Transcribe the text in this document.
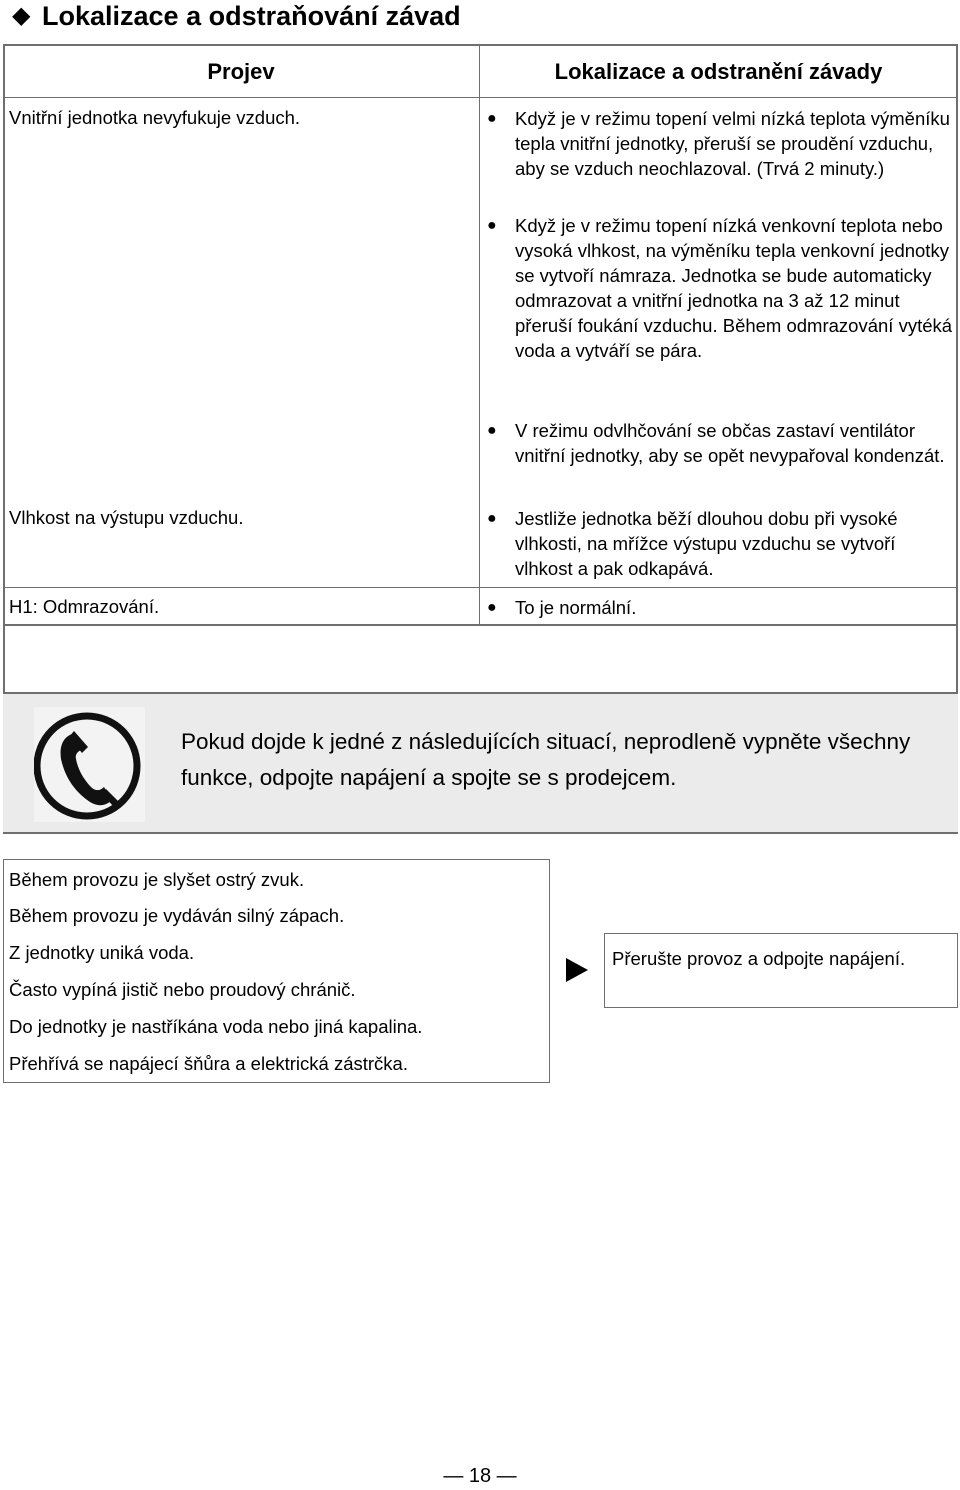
◆ Lokalizace a odstraňování závad
Projev	Lokalizace a odstranění závady
Vnitřní jednotka nevyfukuje vzduch.	● Když je v režimu topení velmi nízká teplota výměníku tepla vnitřní jednotky, přeruší se proudění vzduchu, aby se vzduch neochlazoval. (Trvá 2 minuty.)
● Když je v režimu topení nízká venkovní teplota nebo vysoká vlhkost, na výměníku tepla venkovní jednotky se vytvoří námraza. Jednotka se bude automaticky odmrazovat a vnitřní jednotka na 3 až 12 minut přeruší foukání vzduchu. Během odmrazování vytéká voda a vytváří se pára.
● V režimu odvlhčování se občas zastaví ventilátor vnitřní jednotky, aby se opět nevypařoval kondenzát.
Vlhkost na výstupu vzduchu.	● Jestliže jednotka běží dlouhou dobu při vysoké vlhkosti, na mřížce výstupu vzduchu se vytvoří vlhkost a pak odkapává.
H1: Odmrazování.	● To je normální.
Pokud dojde k jedné z následujících situací, neprodleně vypněte všechny funkce, odpojte napájení a spojte se s prodejcem.
Během provozu je slyšet ostrý zvuk.
Během provozu je vydáván silný zápach.
Z jednotky uniká voda.
Často vypíná jistič nebo proudový chránič.
Do jednotky je nastříkána voda nebo jiná kapalina.
Přehřívá se napájecí šňůra a elektrická zástrčka.
Přerušte provoz a odpojte napájení.
— 18 —
